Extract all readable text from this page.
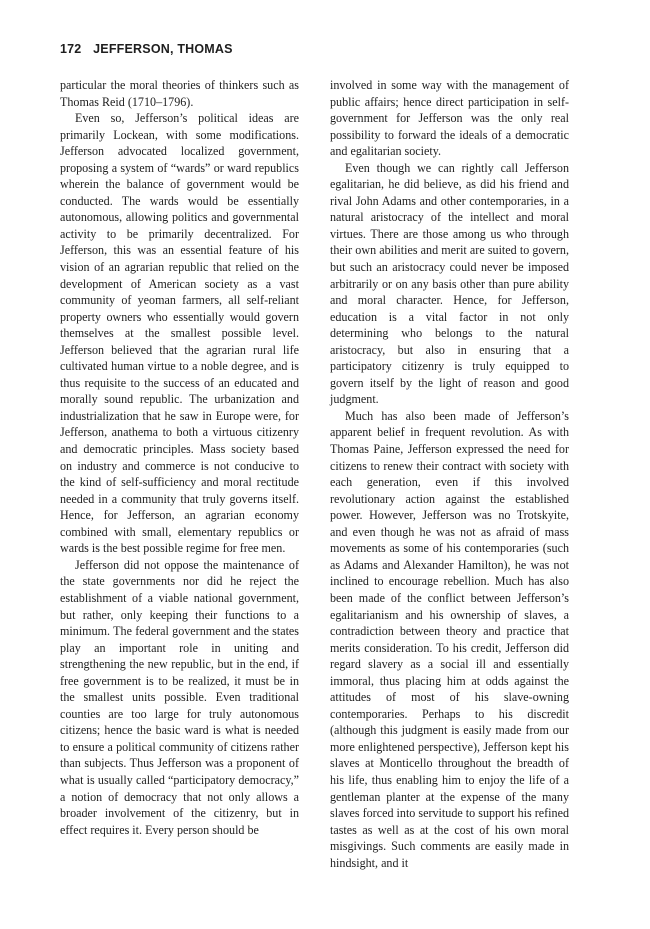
172 JEFFERSON, THOMAS

particular the moral theories of thinkers such as Thomas Reid (1710–1796).

Even so, Jefferson’s political ideas are primarily Lockean, with some modifications. Jefferson advocated localized government, proposing a system of “wards” or ward republics wherein the balance of government would be conducted. The wards would be essentially autonomous, allowing politics and governmental activity to be primarily decentralized. For Jefferson, this was an essential feature of his vision of an agrarian republic that relied on the development of American society as a vast community of yeoman farmers, all self-reliant property owners who essentially would govern themselves at the smallest possible level. Jefferson believed that the agrarian rural life cultivated human virtue to a noble degree, and is thus requisite to the success of an educated and morally sound republic. The urbanization and industrialization that he saw in Europe were, for Jefferson, anathema to both a virtuous citizenry and democratic principles. Mass society based on industry and commerce is not conducive to the kind of self-sufficiency and moral rectitude needed in a community that truly governs itself. Hence, for Jefferson, an agrarian economy combined with small, elementary republics or wards is the best possible regime for free men.

Jefferson did not oppose the maintenance of the state governments nor did he reject the establishment of a viable national government, but rather, only keeping their functions to a minimum. The federal government and the states play an important role in uniting and strengthening the new republic, but in the end, if free government is to be realized, it must be in the smallest units possible. Even traditional counties are too large for truly autonomous citizens; hence the basic ward is what is needed to ensure a political community of citizens rather than subjects. Thus Jefferson was a proponent of what is usually called “participatory democracy,” a notion of democracy that not only allows a broader involvement of the citizenry, but in effect requires it. Every person should be

involved in some way with the management of public affairs; hence direct participation in self-government for Jefferson was the only real possibility to forward the ideals of a democratic and egalitarian society.

Even though we can rightly call Jefferson egalitarian, he did believe, as did his friend and rival John Adams and other contemporaries, in a natural aristocracy of the intellect and moral virtues. There are those among us who through their own abilities and merit are suited to govern, but such an aristocracy could never be imposed arbitrarily or on any basis other than pure ability and moral character. Hence, for Jefferson, education is a vital factor in not only determining who belongs to the natural aristocracy, but also in ensuring that a participatory citizenry is truly equipped to govern itself by the light of reason and good judgment.

Much has also been made of Jefferson’s apparent belief in frequent revolution. As with Thomas Paine, Jefferson expressed the need for citizens to renew their contract with society with each generation, even if this involved revolutionary action against the established power. However, Jefferson was no Trotskyite, and even though he was not as afraid of mass movements as some of his contemporaries (such as Adams and Alexander Hamilton), he was not inclined to encourage rebellion. Much has also been made of the conflict between Jefferson’s egalitarianism and his ownership of slaves, a contradiction between theory and practice that merits consideration. To his credit, Jefferson did regard slavery as a social ill and essentially immoral, thus placing him at odds against the attitudes of most of his slave-owning contemporaries. Perhaps to his discredit (although this judgment is easily made from our more enlightened perspective), Jefferson kept his slaves at Monticello throughout the breadth of his life, thus enabling him to enjoy the life of a gentleman planter at the expense of the many slaves forced into servitude to support his refined tastes as well as at the cost of his own moral misgivings. Such comments are easily made in hindsight, and it
